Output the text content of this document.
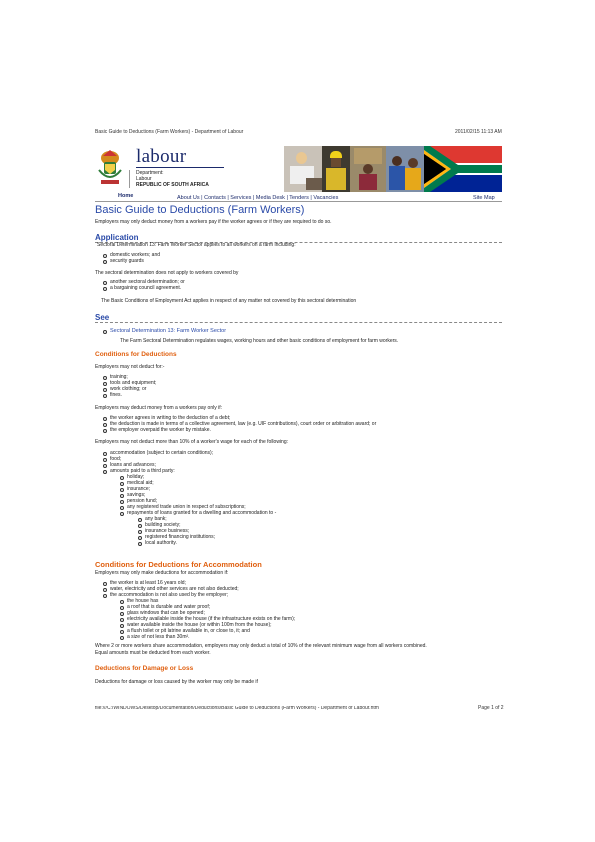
Basic Guide to Deductions (Farm Workers) - Department of Labour	2011/02/15 11:13 AM
labour
Department:
Labour
REPUBLIC OF SOUTH AFRICA
Home	About Us | Contacts | Services | Media Desk | Tenders | Vacancies	Site Map
Basic Guide to Deductions (Farm Workers)
Employers may only deduct money from a workers pay if the worker agrees or if they are required to do so.
Application
Sectoral Determination 13: Farm Worker Sector applies to all workers on a farm including:
domestic workers; and
security guards
The sectoral determination does not apply to workers covered by
another sectoral determination; or
a bargaining council agreement.
The Basic Conditions of Employment Act applies in respect of any matter not covered by this sectoral determination
See
Sectoral Determination 13: Farm Worker Sector
The Farm Sectoral Determination regulates wages, working hours and other basic conditions of employment for farm workers.
Conditions for Deductions
Employers may not deduct for:-
training;
tools and equipment;
work clothing; or
fines.
Employers may deduct money from a workers pay only if:
the worker agrees in writing to the deduction of a debt;
the deduction is made in terms of a collective agreement, law (e.g. UIF contributions), court order or arbitration award; or
the employer overpaid the worker by mistake.
Employers may not deduct more than 10% of a worker's wage for each of the following:
accommodation (subject to certain conditions);
food;
loans and advances;
amounts paid to a third party:
holiday;
medical aid;
insurance;
savings;
pension fund;
any registered trade union in respect of subscriptions;
repayments of loans granted for a dwelling and accommodation to -
any bank;
building society;
insurance business;
registered financing institutions;
local authority.
Conditions for Deductions for Accommodation
Employers may only make deductions for accommodation if:
the worker is at least 16 years old;
water, electricity and other services are not also deducted;
the accommodation is not also used by the employer;
the house has
a roof that is durable and water proof;
glass windows that can be opened;
electricity available inside the house (if the infrastructure exists on the farm);
water available inside the house (or within 100m from the house);
a flush toilet or pit latrine available in, or close to, it; and
a size of not less than 30m².
Where 2 or more workers share accommodation, employers may only deduct a total of 10% of the relevant minimum wage from all workers combined.
Equal amounts must be deducted from each worker.
Deductions for Damage or Loss
Deductions for damage or loss caused by the worker may only be made if
file:///C:/WINDOWS/Desktop/Documentation/Deductions/Basic Guide to Deductions (Farm Workers) - Department of Labour.htm	Page 1 of 2
